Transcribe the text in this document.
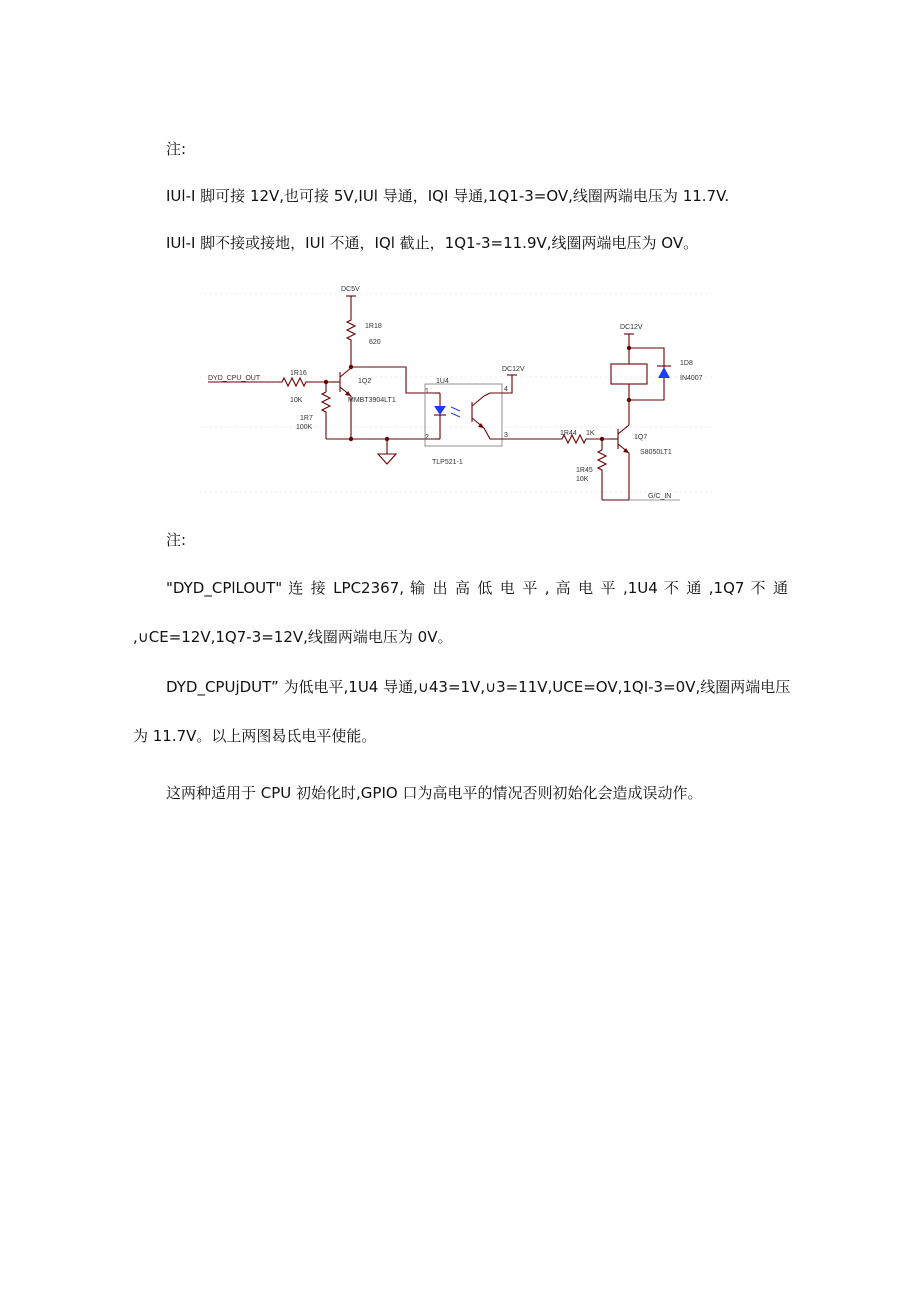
注:
IUl-I 脚可接 12V,也可接 5V,IUl 导通，IQI 导通,1Q1-3=OV,线圈两端电压为 11.7V.
IUl-I 脚不接或接地，IUl 不通，IQl 截止，1Q1-3=11.9V,线圈两端电压为 OV。
DC5V
1R18
620
DYD_CPU_OUT
1R16
10K
1R7
100K
1Q2
MMBT3904LT1
1U4
1
2	3
4
TLP521-1
DC12V
1R44 1K
1R45
10K
1Q7
S8050LT1
G/C_IN
DC12V
1D8
IN4007
注:
"DYD_CPlLOUT" 连 接 LPC2367, 输 出 高 低 电 平 , 高 电 平 ,1U4 不 通 ,1Q7 不 通
,∪CE=12V,1Q7-3=12V,线圈两端电压为 0V。
DYD_CPUjDUT” 为低电平,1U4 导通,∪43=1V,∪3=11V,UCE=OV,1QI-3=0V,线圈两端电压
为 11.7V。以上两图曷氐电平使能。
这两种适用于 CPU 初始化时,GPIO 口为高电平的情况否则初始化会造成误动作。
